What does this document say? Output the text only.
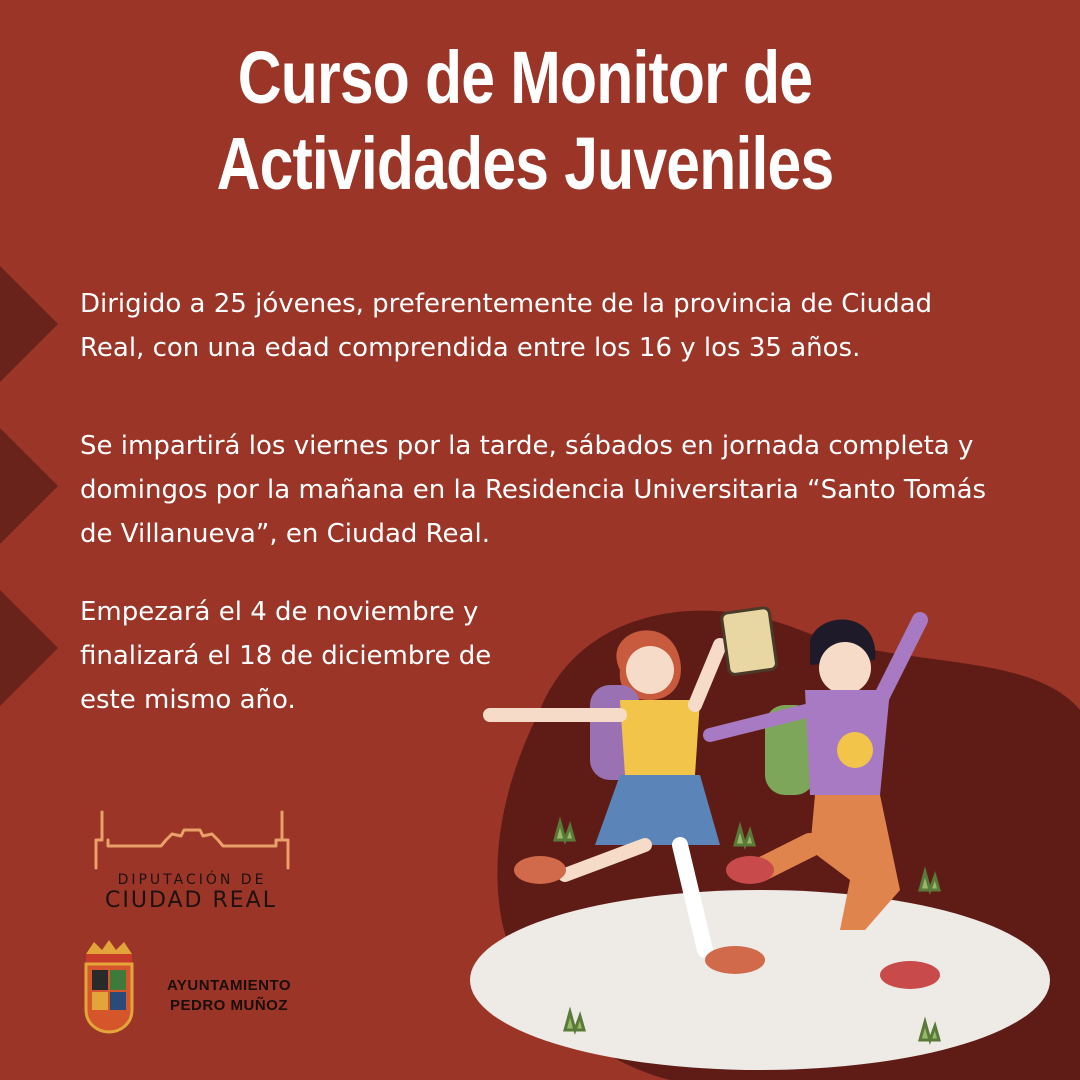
Curso de Monitor de
Actividades Juveniles
Dirigido a 25 jóvenes, preferentemente de la provincia de Ciudad Real, con una edad comprendida entre los 16 y los 35 años.
Se impartirá los viernes por la tarde, sábados en jornada completa y domingos por la mañana en la Residencia Universitaria “Santo Tomás de Villanueva”, en Ciudad Real.
Empezará el 4 de noviembre y finalizará el 18 de diciembre de este mismo año.
DIPUTACIÓN DE
CIUDAD REAL
AYUNTAMIENTO
PEDRO MUÑOZ
